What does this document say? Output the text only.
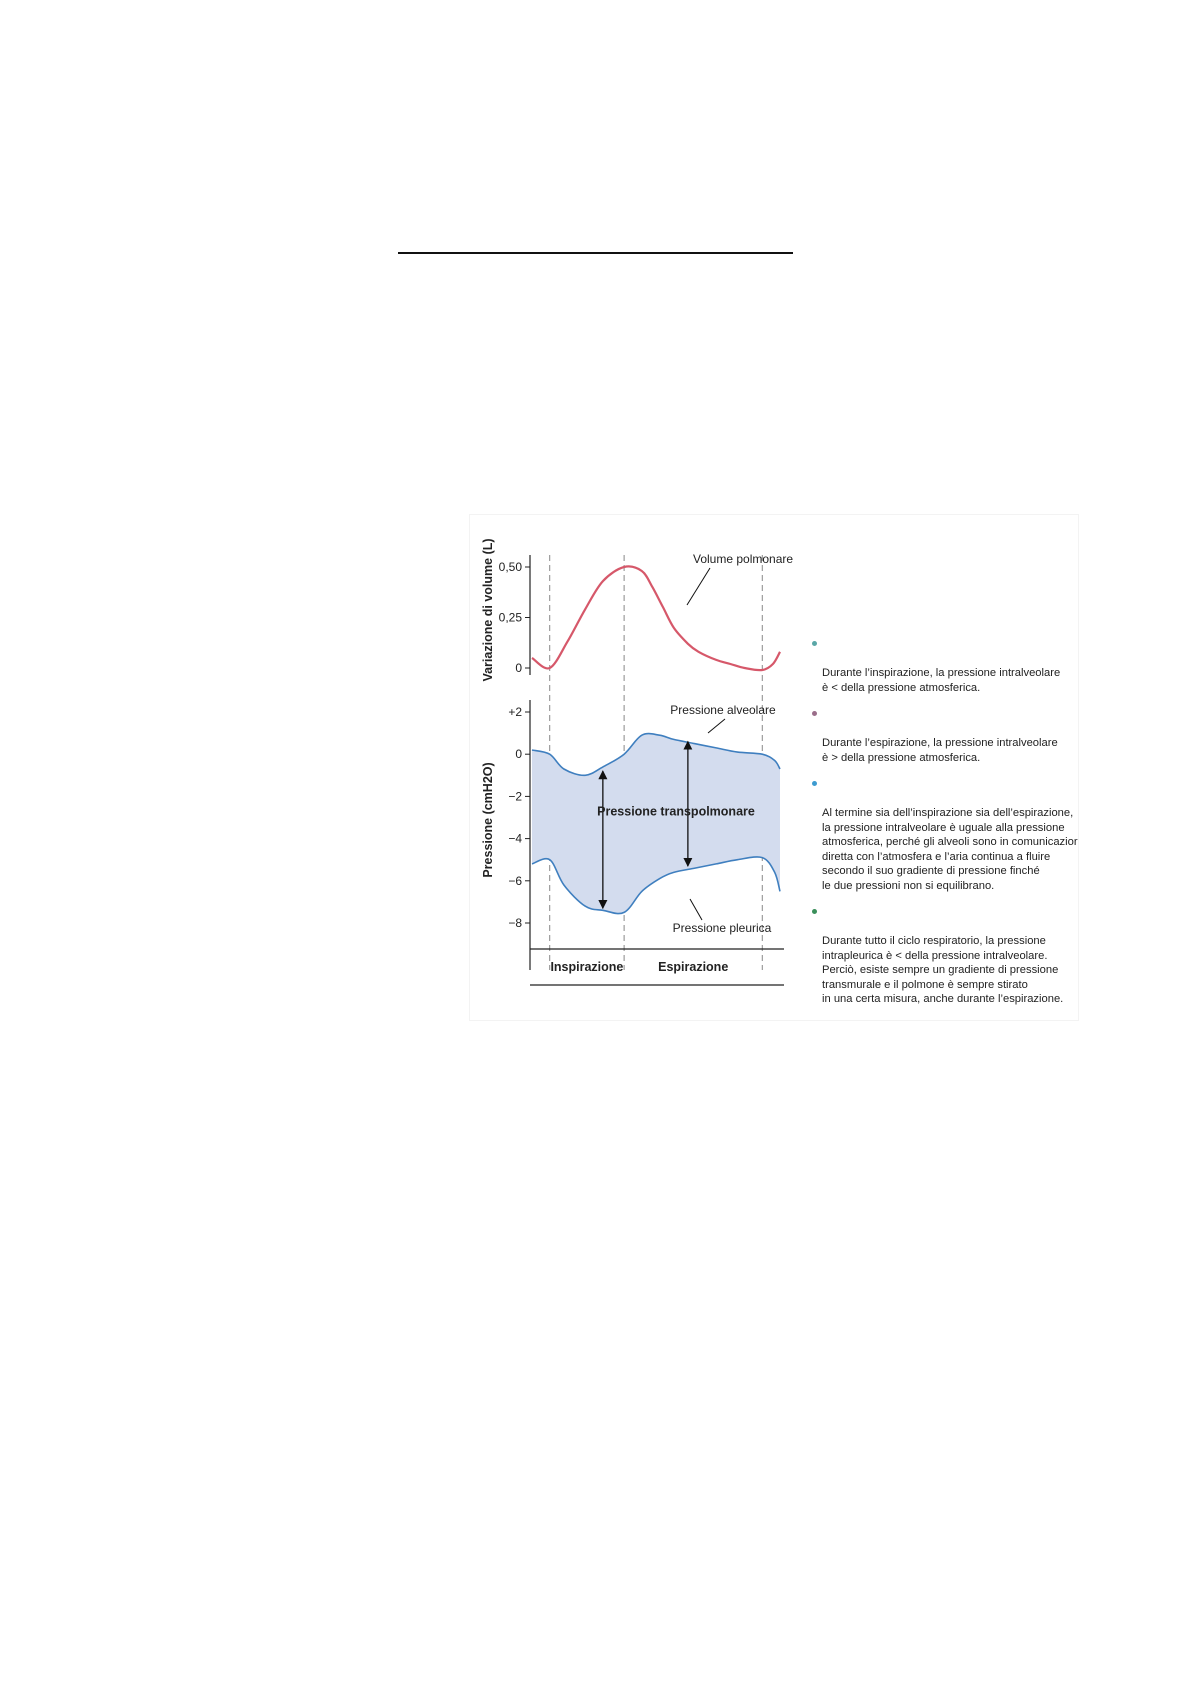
0,50
0,25
0
+2
0
−2
−4
−6
−8
Variazione di volume (L)
Pressione (cmH2O)	Pressione transpolmonare
Volume polmonare
Pressione alveolare
Pressione pleurica
Inspirazione	Espirazione

Durante l’inspirazione, la pressione intralveolare
è < della pressione atmosferica.

Durante l’espirazione, la pressione intralveolare
è > della pressione atmosferica.

Al termine sia dell’inspirazione sia dell’espirazione,
la pressione intralveolare è uguale alla pressione
atmosferica, perché gli alveoli sono in comunicazior
diretta con l’atmosfera e l’aria continua a fluire
secondo il suo gradiente di pressione finché
le due pressioni non si equilibrano.

Durante tutto il ciclo respiratorio, la pressione
intrapleurica è < della pressione intralveolare.
Perciò, esiste sempre un gradiente di pressione
transmurale e il polmone è sempre stirato
in una certa misura, anche durante l’espirazione.
